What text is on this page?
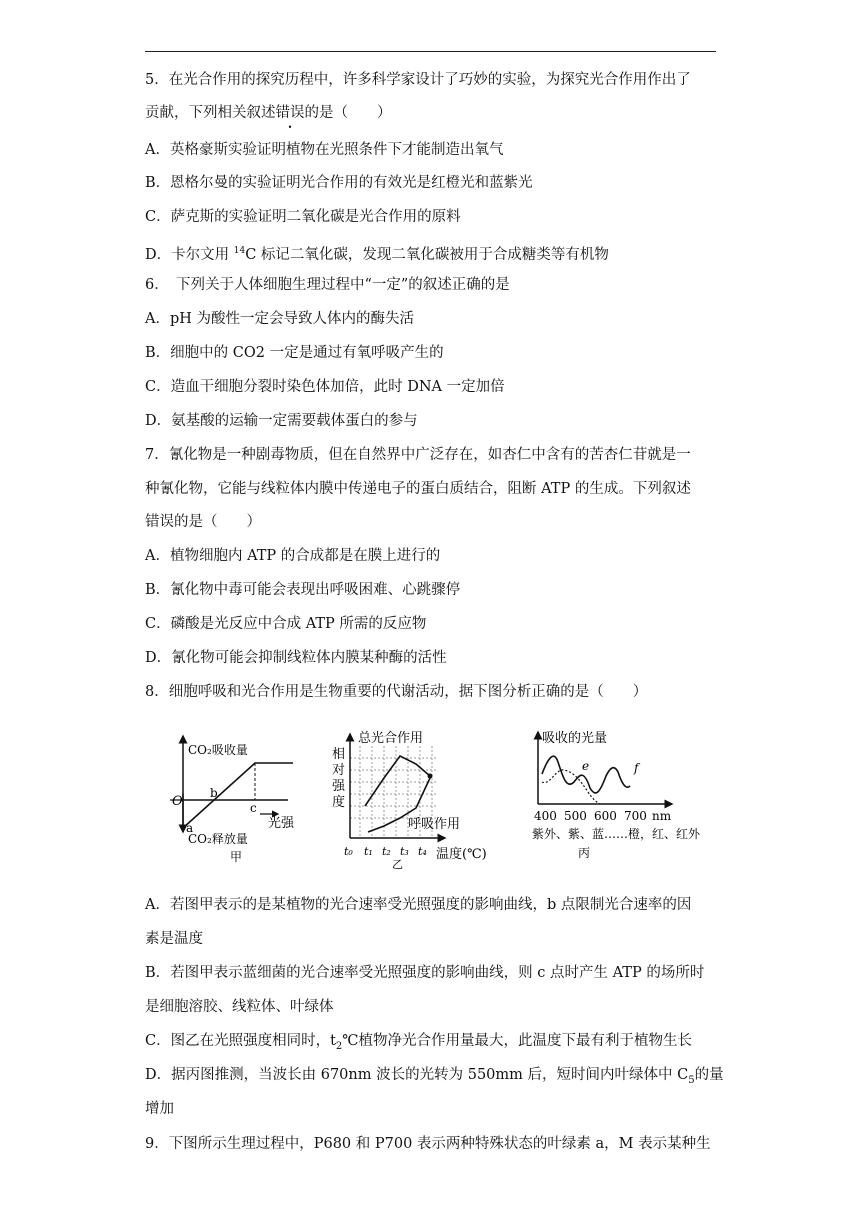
5．在光合作用的探究历程中，许多科学家设计了巧妙的实验，为探究光合作用作出了
贡献，下列相关叙述错误的是（　　）
A．英格豪斯实验证明植物在光照条件下才能制造出氧气
B．恩格尔曼的实验证明光合作用的有效光是红橙光和蓝紫光
C．萨克斯的实验证明二氧化碳是光合作用的原料
D．卡尔文用 $^{14}$C 标记二氧化碳，发现二氧化碳被用于合成糖类等有机物
6．　下列关于人体细胞生理过程中“一定”的叙述正确的是
A．pH 为酸性一定会导致人体内的酶失活
B．细胞中的 CO2 一定是通过有氧呼吸产生的
C．造血干细胞分裂时染色体加倍，此时 DNA 一定加倍
D．氨基酸的运输一定需要载体蛋白的参与
7．氰化物是一种剧毒物质，但在自然界中广泛存在，如杏仁中含有的苦杏仁苷就是一
种氰化物，它能与线粒体内膜中传递电子的蛋白质结合，阻断 ATP 的生成。下列叙述
错误的是（　　）
A．植物细胞内 ATP 的合成都是在膜上进行的
B．氰化物中毒可能会表现出呼吸困难、心跳骤停
C．磷酸是光反应中合成 ATP 所需的反应物
D．氰化物可能会抑制线粒体内膜某种酶的活性
8．细胞呼吸和光合作用是生物重要的代谢活动，据下图分析正确的是（　　）
CO₂吸收量
CO₂释放量
O
a
b
c
光强
甲
相
对
强
度
总光合作用
呼吸作用
t₀ t₁ t₂ t₃ t₄ 温度(℃)
乙
吸收的光量
e	f
400 500 600 700 nm
紫外、紫、蓝……橙，红、红外
丙
A．若图甲表示的是某植物的光合速率受光照强度的影响曲线，b 点限制光合速率的因
素是温度
B．若图甲表示蓝细菌的光合速率受光照强度的影响曲线，则 c 点时产生 ATP 的场所时
是细胞溶胶、线粒体、叶绿体
C．图乙在光照强度相同时，$t_2℃$植物净光合作用量最大，此温度下最有利于植物生长
D．据丙图推测，当波长由 670nm 波长的光转为 550mm 后，短时间内叶绿体中 $C_5$的量
增加
9．下图所示生理过程中，P680 和 P700 表示两种特殊状态的叶绿素 a，M 表示某种生
